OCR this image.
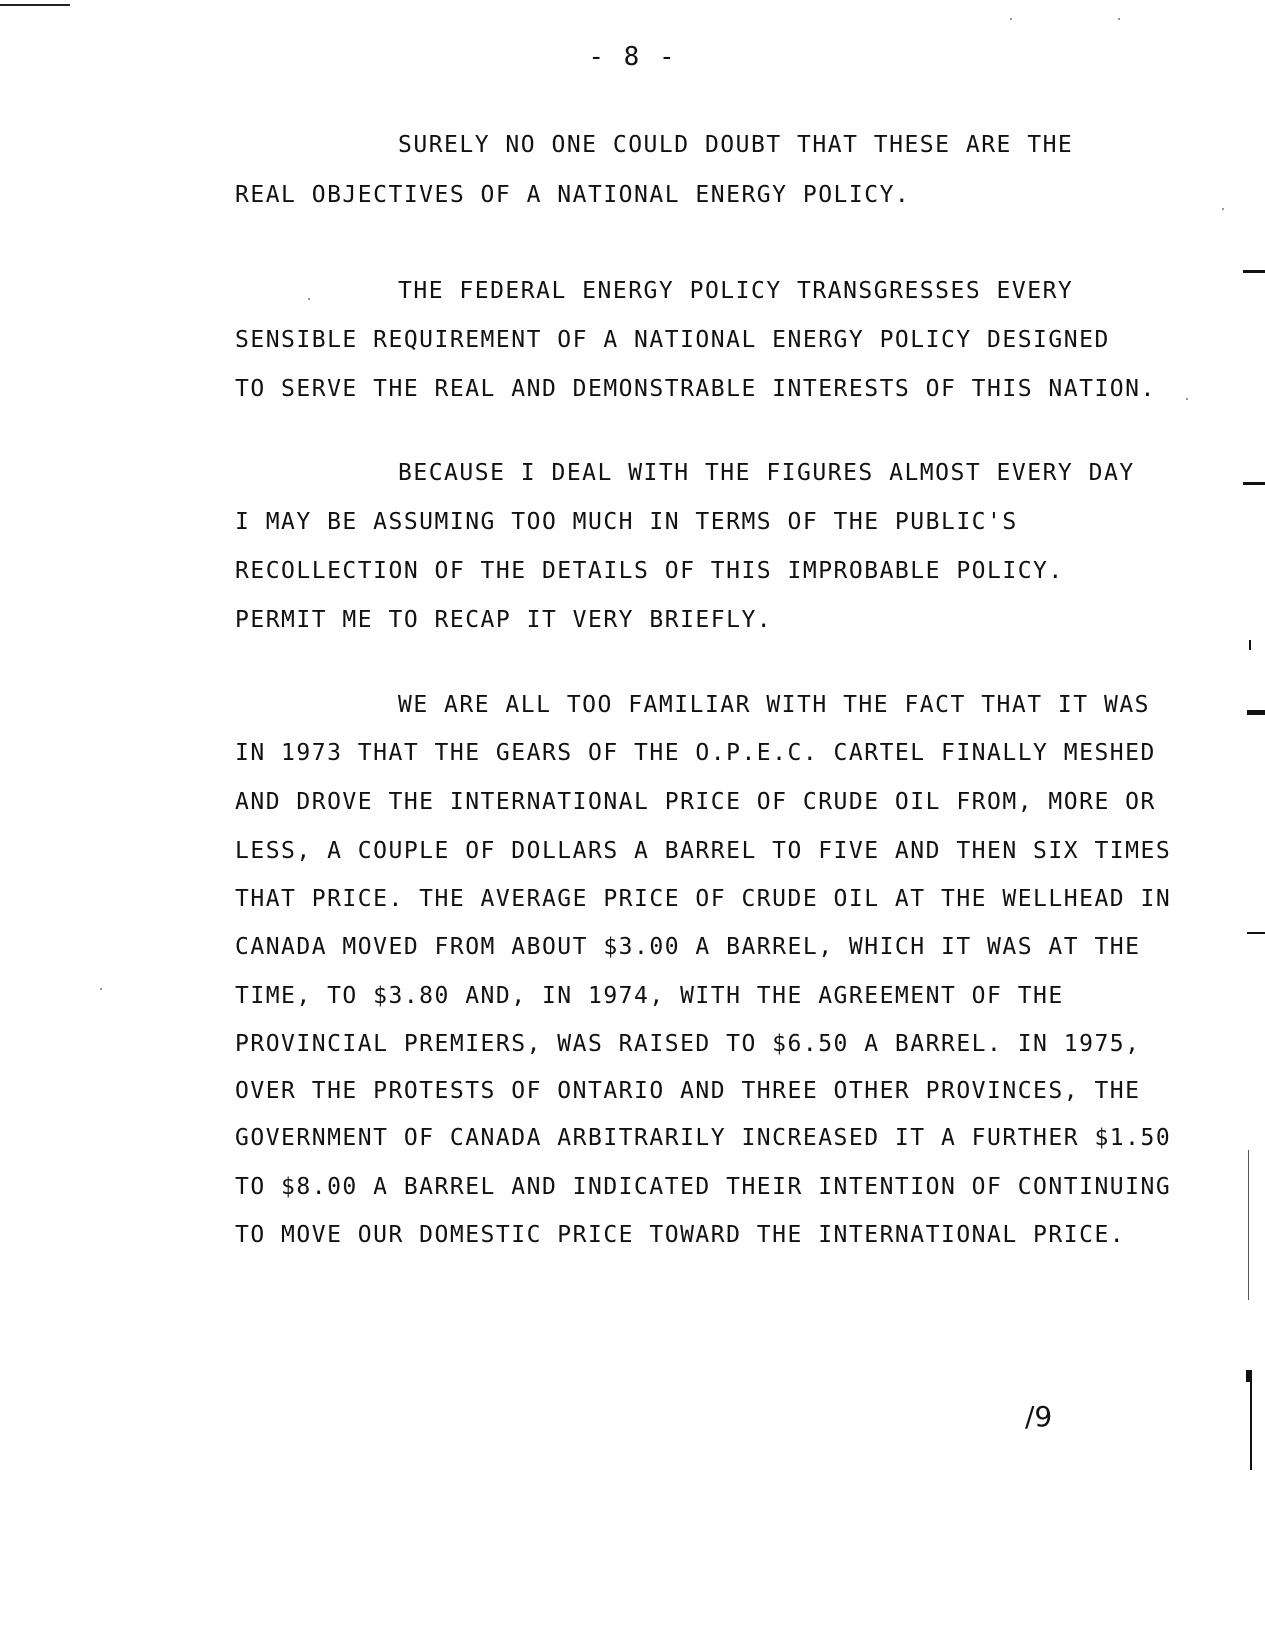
- 8 -
SURELY NO ONE COULD DOUBT THAT THESE ARE THE
REAL OBJECTIVES OF A NATIONAL ENERGY POLICY.
THE FEDERAL ENERGY POLICY TRANSGRESSES EVERY
SENSIBLE REQUIREMENT OF A NATIONAL ENERGY POLICY DESIGNED
TO SERVE THE REAL AND DEMONSTRABLE INTERESTS OF THIS NATION.
BECAUSE I DEAL WITH THE FIGURES ALMOST EVERY DAY
I MAY BE ASSUMING TOO MUCH IN TERMS OF THE PUBLIC'S
RECOLLECTION OF THE DETAILS OF THIS IMPROBABLE POLICY.
PERMIT ME TO RECAP IT VERY BRIEFLY.
WE ARE ALL TOO FAMILIAR WITH THE FACT THAT IT WAS
IN 1973 THAT THE GEARS OF THE O.P.E.C. CARTEL FINALLY MESHED
AND DROVE THE INTERNATIONAL PRICE OF CRUDE OIL FROM, MORE OR
LESS, A COUPLE OF DOLLARS A BARREL TO FIVE AND THEN SIX TIMES
THAT PRICE. THE AVERAGE PRICE OF CRUDE OIL AT THE WELLHEAD IN
CANADA MOVED FROM ABOUT $3.00 A BARREL, WHICH IT WAS AT THE
TIME, TO $3.80 AND, IN 1974, WITH THE AGREEMENT OF THE
PROVINCIAL PREMIERS, WAS RAISED TO $6.50 A BARREL. IN 1975,
OVER THE PROTESTS OF ONTARIO AND THREE OTHER PROVINCES, THE
GOVERNMENT OF CANADA ARBITRARILY INCREASED IT A FURTHER $1.50
TO $8.00 A BARREL AND INDICATED THEIR INTENTION OF CONTINUING
TO MOVE OUR DOMESTIC PRICE TOWARD THE INTERNATIONAL PRICE.
/9
